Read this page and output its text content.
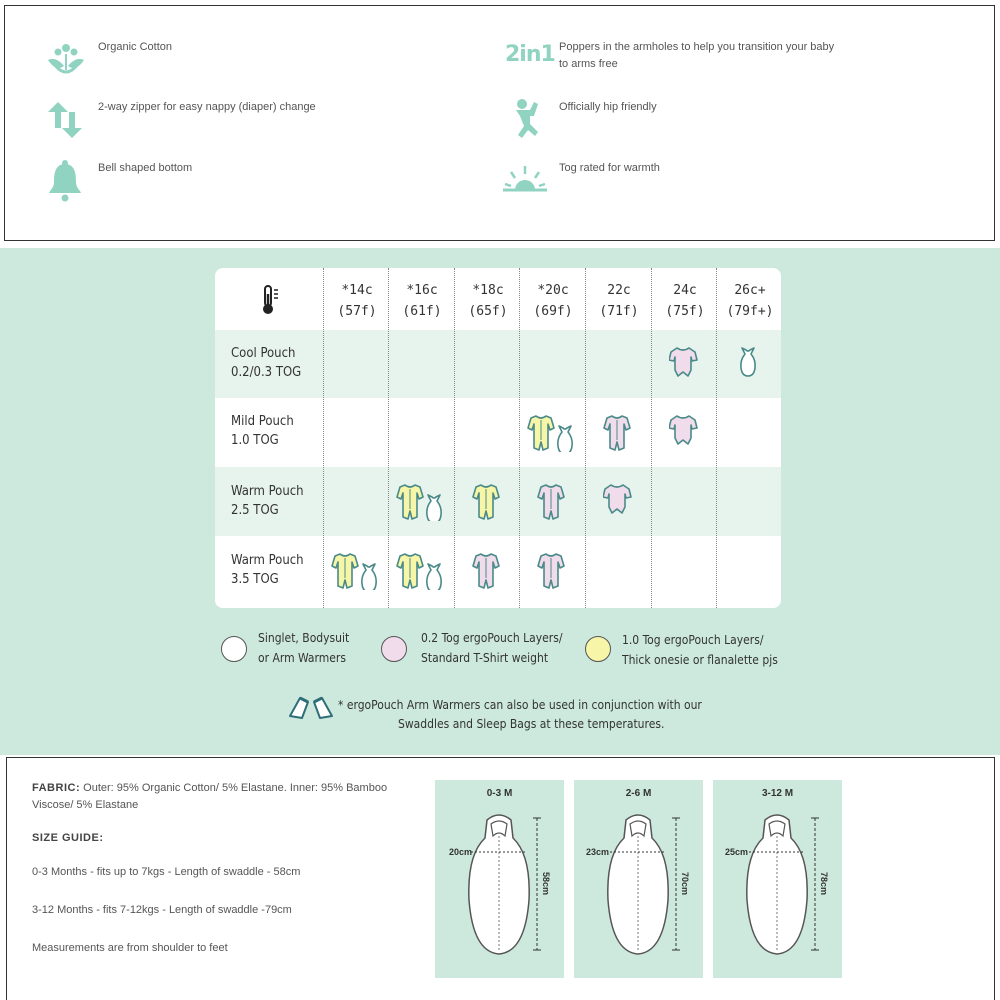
Organic Cotton
2-way zipper for easy nappy (diaper) change
Bell shaped bottom
2in1 Poppers in the armholes to help you transition your baby
to arms free
Officially hip friendly
Tog rated for warmth
*14c
(57f)
*16c
(61f)
*18c
(65f)
*20c
(69f)
22c
(71f)
24c
(75f)
26c+
(79f+)
Cool Pouch
0.2/0.3 TOG
Mild Pouch
1.0 TOG
Warm Pouch
2.5 TOG
Warm Pouch
3.5 TOG
Singlet, Bodysuit
or Arm Warmers
0.2 Tog ergoPouch Layers/
Standard T-Shirt weight
1.0 Tog ergoPouch Layers/
Thick onesie or flanalette pjs
* ergoPouch Arm Warmers can also be used in conjunction with our
Swaddles and Sleep Bags at these temperatures.
FABRIC: Outer: 95% Organic Cotton/ 5% Elastane. Inner: 95% Bamboo
Viscose/ 5% Elastane
SIZE GUIDE:
0-3 Months - fits up to 7kgs - Length of swaddle - 58cm
3-12 Months - fits 7-12kgs - Length of swaddle -79cm
Measurements are from shoulder to feet
0-3 M
20cm
58cm
2-6 M
23cm
70cm
3-12 M
25cm
78cm
